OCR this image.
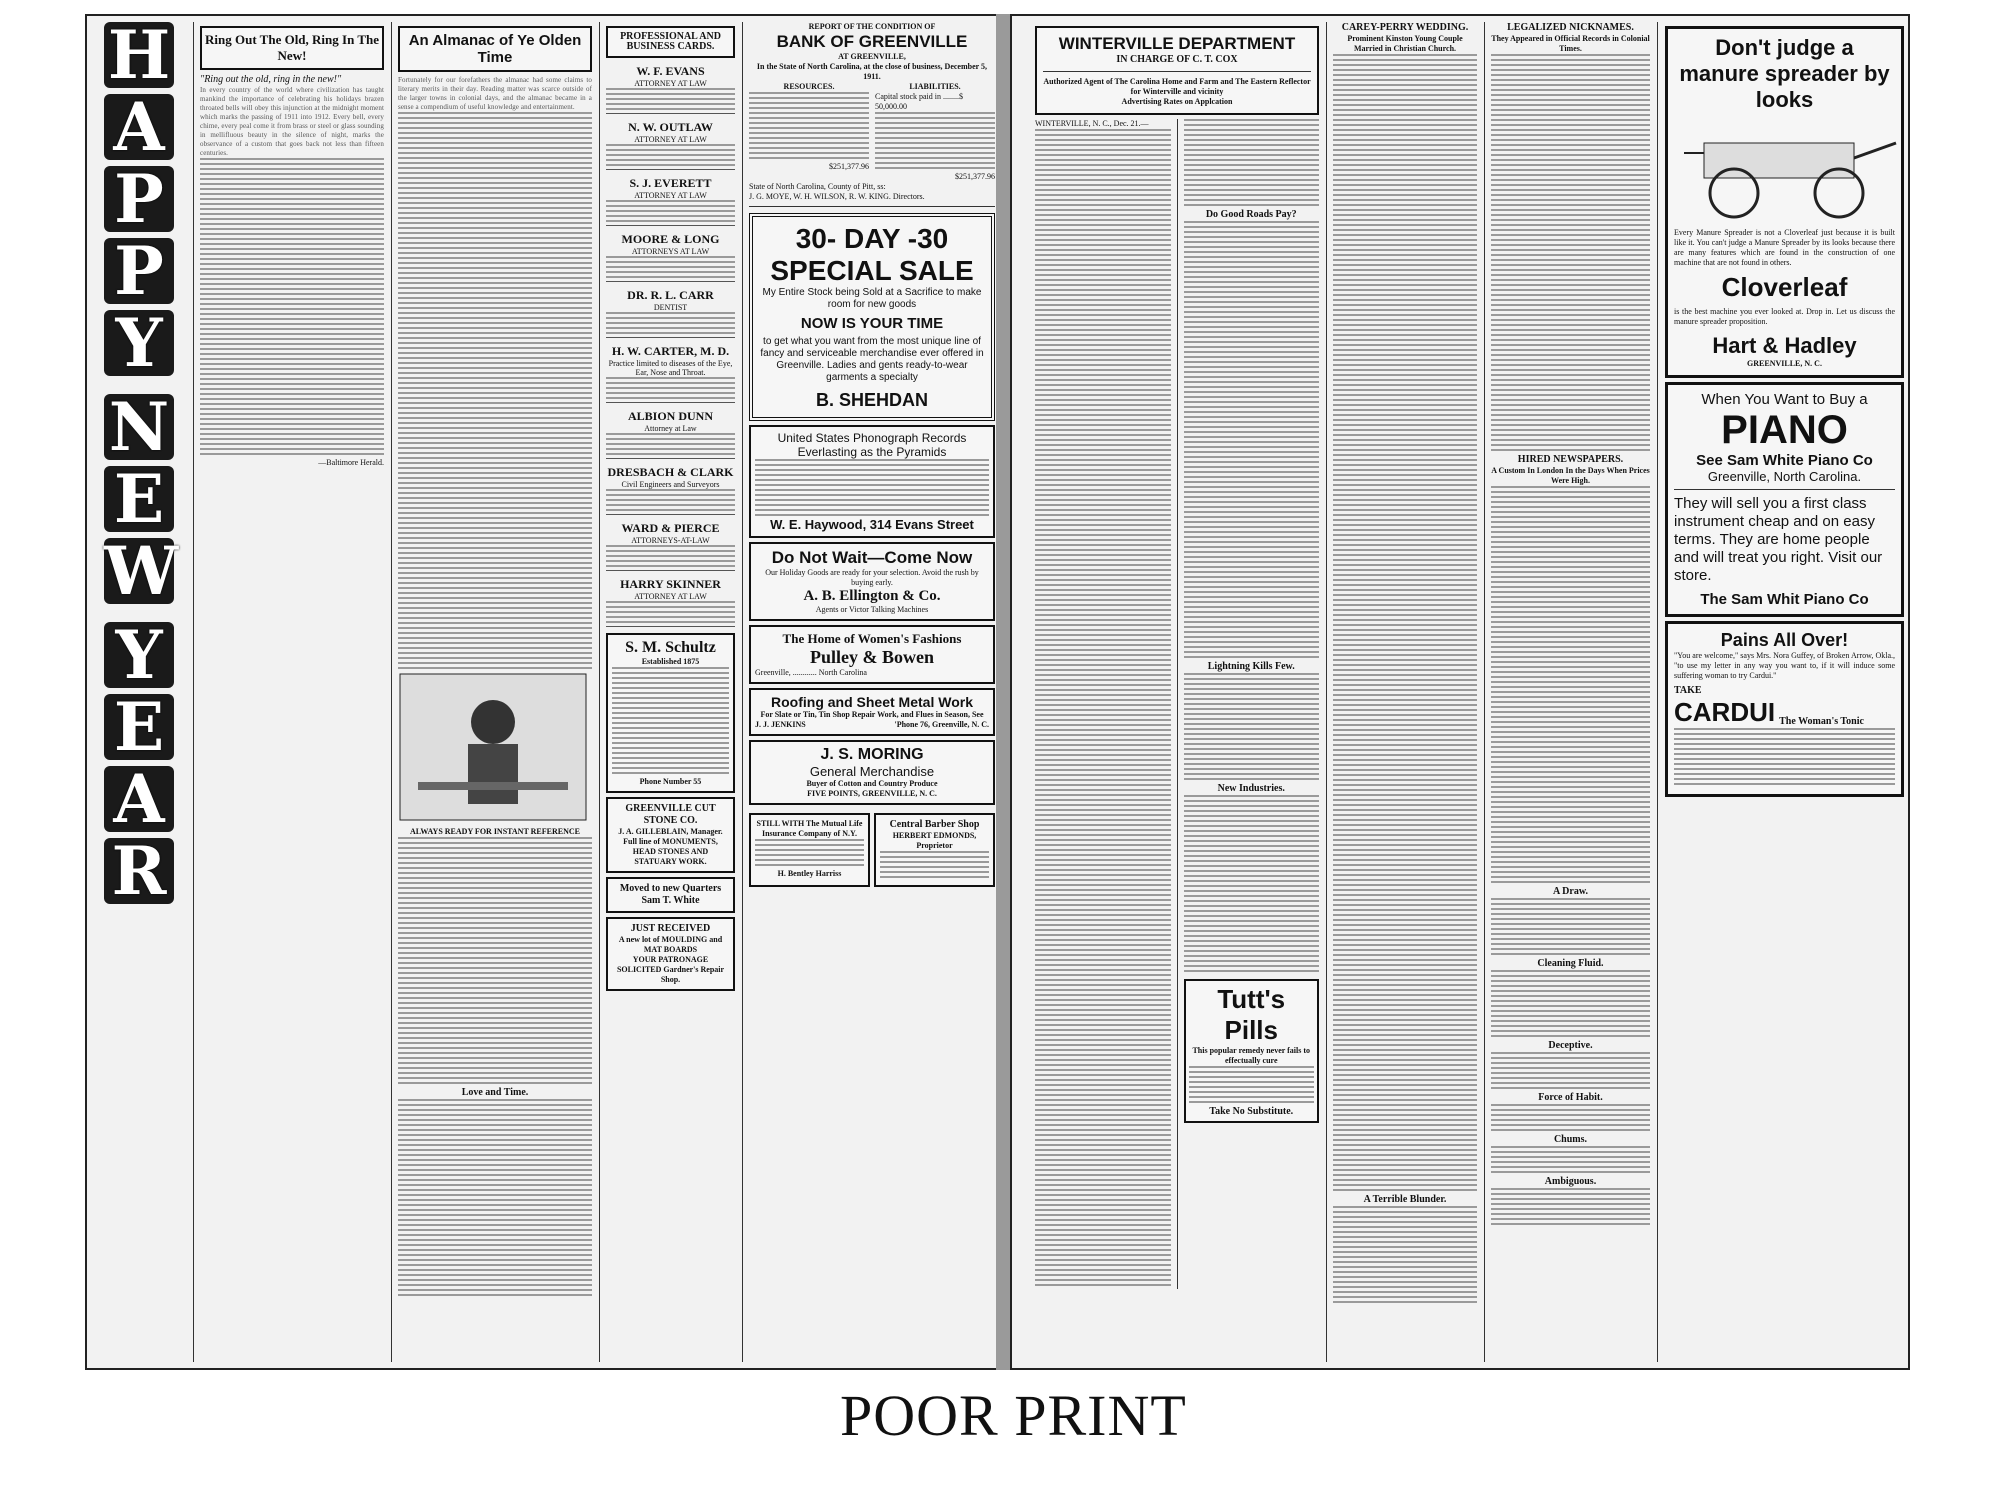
H
A
P
P
Y
N
E
W
Y
E
A
R
Ring Out The Old, Ring In The New!
"Ring out the old, ring in the new!"
In every country of the world where civilization has taught mankind the importance of celebrating his holidays brazen throated bells will obey this injunction at the midnight moment which marks the passing of 1911 into 1912. Every bell, every chime, every peal come it from brass or steel or glass sounding in mellifluous beauty in the silence of night, marks the observance of a custom that goes back not less than fifteen centuries.
—Baltimore Herald.
An Almanac of Ye Olden Time
Fortunately for our forefathers the almanac had some claims to literary merits in their day. Reading matter was scarce outside of the larger towns in colonial days, and the almanac became in a sense a compendium of useful knowledge and entertainment.
ALWAYS READY FOR INSTANT REFERENCE
Love and Time.
PROFESSIONAL AND BUSINESS CARDS.
W. F. EVANS
ATTORNEY AT LAW
N. W. OUTLAW
ATTORNEY AT LAW
S. J. EVERETT
ATTORNEY AT LAW
MOORE & LONG
ATTORNEYS AT LAW
DR. R. L. CARR
DENTIST
H. W. CARTER, M. D.
Practice limited to diseases of the Eye, Ear, Nose and Throat.
ALBION DUNN
Attorney at Law
DRESBACH & CLARK
Civil Engineers and Surveyors
WARD & PIERCE
ATTORNEYS-AT-LAW
HARRY SKINNER
ATTORNEY AT LAW
S. M. Schultz
Established 1875
Phone Number 55
GREENVILLE CUT STONE CO.
J. A. GILLEBLAIN, Manager.
Full line of MONUMENTS, HEAD STONES AND STATUARY WORK.
Moved to new Quarters
Sam T. White
JUST RECEIVED
A new lot of MOULDING and MAT BOARDS
YOUR PATRONAGE SOLICITED Gardner's Repair Shop.
REPORT OF THE CONDITION OF
BANK OF GREENVILLE
AT GREENVILLE,
In the State of North Carolina, at the close of business, December 5, 1911.
RESOURCES.
$251,377.96
LIABILITIES.
Capital stock paid in ........$ 50,000.00
$251,377.96
State of North Carolina, County of Pitt, ss:
J. G. MOYE, W. H. WILSON, R. W. KING. Directors.
30- DAY -30 SPECIAL SALE
My Entire Stock being Sold at a Sacrifice to make room for new goods
NOW IS YOUR TIME
to get what you want from the most unique line of fancy and serviceable merchandise ever offered in Greenville. Ladies and gents ready-to-wear garments a specialty
B. SHEHDAN
United States Phonograph Records Everlasting as the Pyramids
W. E. Haywood, 314 Evans Street
Do Not Wait—Come Now
Our Holiday Goods are ready for your selection. Avoid the rush by buying early.
A. B. Ellington & Co.
Agents or Victor Talking Machines
The Home of Women's Fashions
Pulley & Bowen
Greenville, ............ North Carolina
Roofing and Sheet Metal Work
For Slate or Tin, Tin Shop Repair Work, and Flues in Season, See
J. J. JENKINS	'Phone 76, Greenville, N. C.
J. S. MORING
General Merchandise
Buyer of Cotton and Country Produce
FIVE POINTS, GREENVILLE, N. C.
STILL WITH The Mutual Life Insurance Company of N.Y.
H. Bentley Harriss
Central Barber Shop
HERBERT EDMONDS, Proprietor
WINTERVILLE DEPARTMENT
IN CHARGE OF C. T. COX
Authorized Agent of The Carolina Home and Farm and The Eastern Reflector for Winterville and vicinity
Advertising Rates on Applcation
WINTERVILLE, N. C., Dec. 21.—
Do Good Roads Pay?
Lightning Kills Few.
New Industries.
Tutt's Pills
This popular remedy never fails to effectually cure
Take No Substitute.
CAREY-PERRY WEDDING.
Prominent Kinston Young Couple Married in Christian Church.
A Terrible Blunder.
LEGALIZED NICKNAMES.
They Appeared in Official Records in Colonial Times.
HIRED NEWSPAPERS.
A Custom In London In the Days When Prices Were High.
A Draw.
Cleaning Fluid.
Deceptive.
Force of Habit.
Chums.
Ambiguous.
Don't judge a manure spreader by looks
Every Manure Spreader is not a Cloverleaf just because it is built like it. You can't judge a Manure Spreader by its looks because there are many features which are found in the construction of one machine that are not found in others.
Cloverleaf
is the best machine you ever looked at. Drop in. Let us discuss the manure spreader proposition.
Hart & Hadley
GREENVILLE, N. C.
When You Want to Buy a
PIANO
See Sam White Piano Co
Greenville, North Carolina.
They will sell you a first class instrument cheap and on easy terms. They are home people and will treat you right. Visit our store.
The Sam Whit Piano Co
Pains All Over!
"You are welcome," says Mrs. Nora Guffey, of Broken Arrow, Okla., "to use my letter in any way you want to, if it will induce some suffering woman to try Cardui."
TAKE
CARDUI The Woman's Tonic
POOR PRINT
